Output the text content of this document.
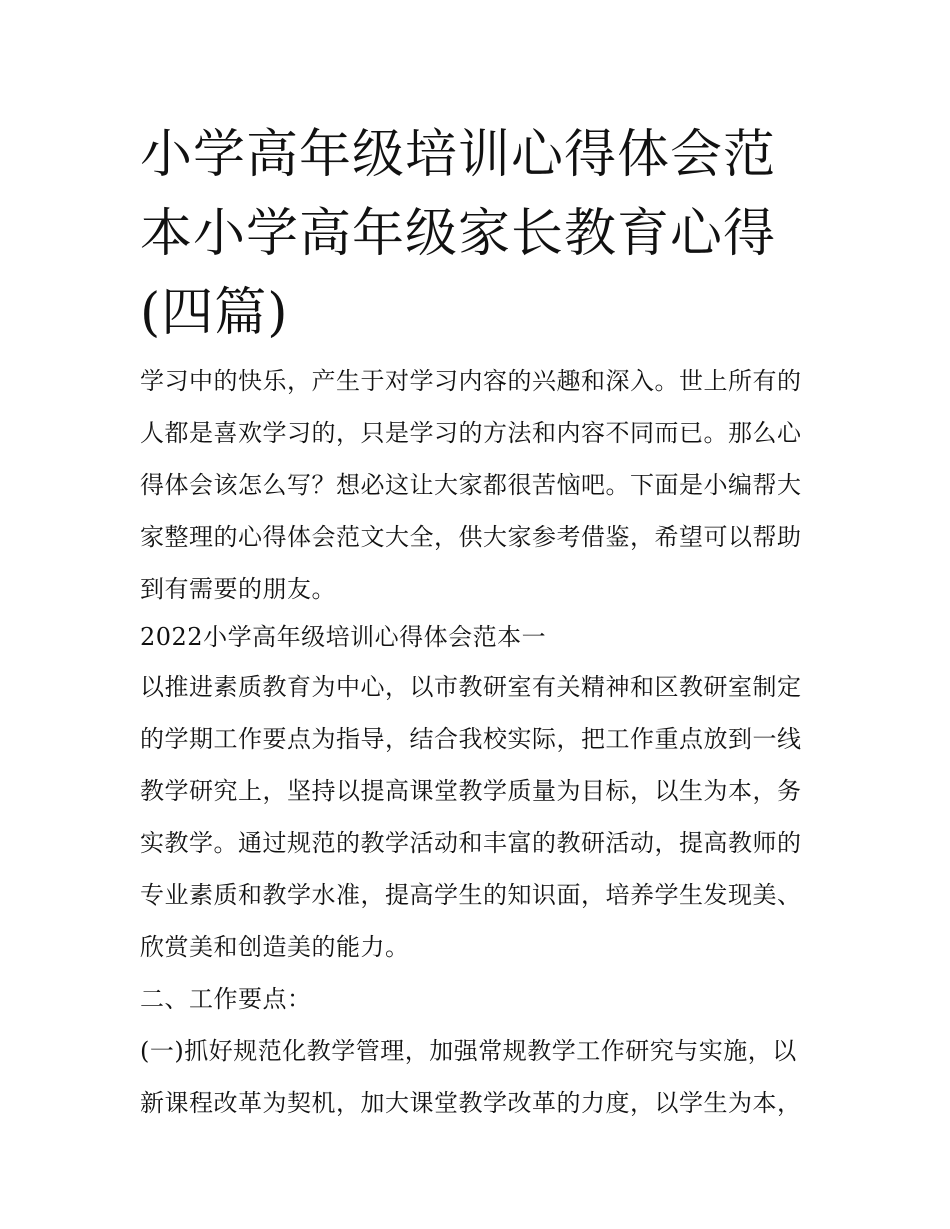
小学高年级培训心得体会范本小学高年级家长教育心得(四篇)

学习中的快乐，产生于对学习内容的兴趣和深入。世上所有的人都是喜欢学习的，只是学习的方法和内容不同而已。那么心得体会该怎么写？想必这让大家都很苦恼吧。下面是小编帮大家整理的心得体会范文大全，供大家参考借鉴，希望可以帮助到有需要的朋友。

2022小学高年级培训心得体会范本一

以推进素质教育为中心，以市教研室有关精神和区教研室制定的学期工作要点为指导，结合我校实际，把工作重点放到一线教学研究上，坚持以提高课堂教学质量为目标，以生为本，务实教学。通过规范的教学活动和丰富的教研活动，提高教师的专业素质和教学水准，提高学生的知识面，培养学生发现美、欣赏美和创造美的能力。

二、工作要点：

(一)抓好规范化教学管理，加强常规教学工作研究与实施，以新课程改革为契机，加大课堂教学改革的力度，以学生为本，
